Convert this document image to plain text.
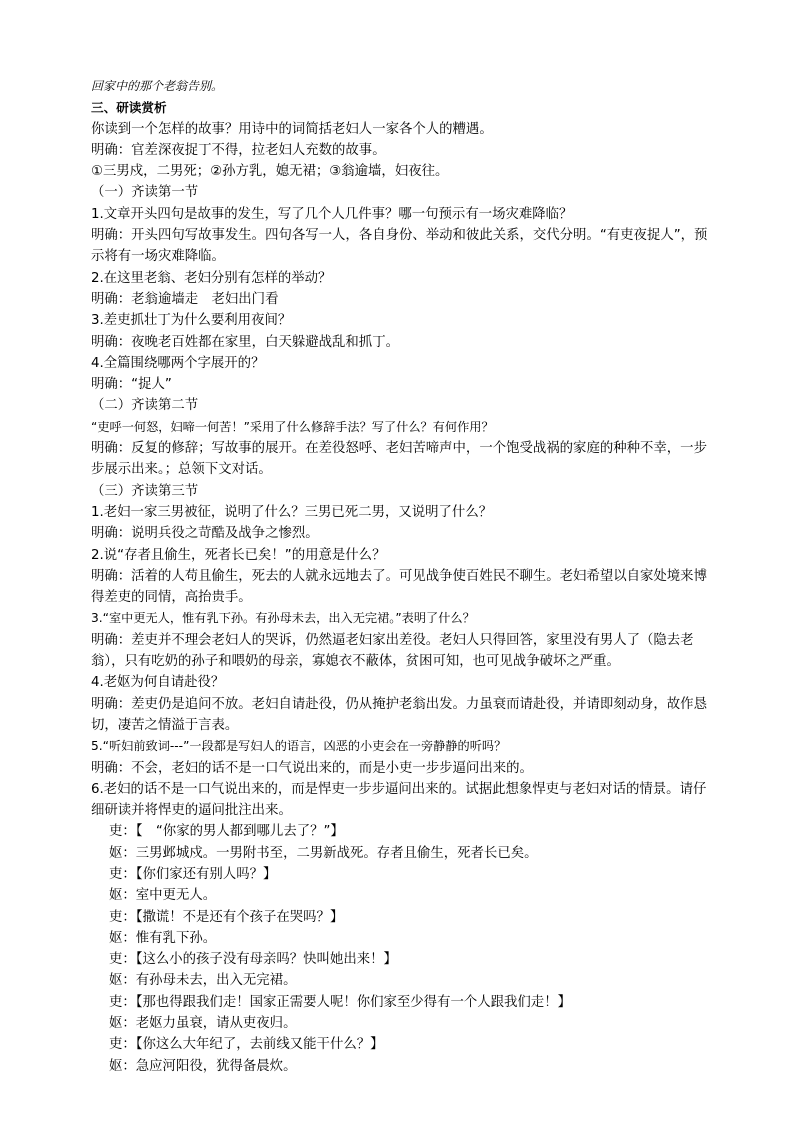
回家中的那个老翁告别。
三、研读赏析
你读到一个怎样的故事？用诗中的词简括老妇人一家各个人的糟遇。
明确：官差深夜捉丁不得，拉老妇人充数的故事。
①三男戍，二男死；②孙方乳，媳无裙；③翁逾墙，妇夜往。
（一）齐读第一节
1.文章开头四句是故事的发生，写了几个人几件事？哪一句预示有一场灾难降临？
明确：开头四句写故事发生。四句各写一人，各自身份、举动和彼此关系，交代分明。“有吏夜捉人”，预示将有一场灾难降临。
2.在这里老翁、老妇分别有怎样的举动？
明确：老翁逾墙走　老妇出门看
3.差吏抓壮丁为什么要利用夜间？
明确：夜晚老百姓都在家里，白天躲避战乱和抓丁。
4.全篇围绕哪两个字展开的？
明确：“捉人”
（二）齐读第二节
“吏呼一何怒，妇啼一何苦！”采用了什么修辞手法？写了什么？有何作用？
明确：反复的修辞；写故事的展开。在差役怒呼、老妇苦啼声中，一个饱受战祸的家庭的种种不幸，一步步展示出来。；总领下文对话。
（三）齐读第三节
1.老妇一家三男被征，说明了什么？三男已死二男，又说明了什么？
明确：说明兵役之苛酷及战争之惨烈。
2.说“存者且偷生，死者长已矣！”的用意是什么？
明确：活着的人苟且偷生，死去的人就永远地去了。可见战争使百姓民不聊生。老妇希望以自家处境来博得差吏的同情，高抬贵手。
3.“室中更无人，惟有乳下孙。有孙母未去，出入无完裙。”表明了什么？
明确：差吏并不理会老妇人的哭诉，仍然逼老妇家出差役。老妇人只得回答，家里没有男人了（隐去老翁），只有吃奶的孙子和喂奶的母亲，寡媳衣不蔽体，贫困可知，也可见战争破坏之严重。
4.老妪为何自请赴役？
明确：差吏仍是追问不放。老妇自请赴役，仍从掩护老翁出发。力虽衰而请赴役，并请即刻动身，故作恳切，凄苦之情溢于言表。
5.“听妇前致词---”一段都是写妇人的语言，凶恶的小吏会在一旁静静的听吗？
明确：不会，老妇的话不是一口气说出来的，而是小吏一步步逼问出来的。
6.老妇的话不是一口气说出来的，而是悍吏一步步逼问出来的。试据此想象悍吏与老妇对话的情景。请仔细研读并将悍吏的逼问批注出来。
吏：【　“你家的男人都到哪儿去了？”】
妪：三男邺城戍。一男附书至，二男新战死。存者且偷生，死者长已矣。
吏：【你们家还有别人吗？】
妪：室中更无人。
吏：【撒谎！不是还有个孩子在哭吗？】
妪：惟有乳下孙。
吏：【这么小的孩子没有母亲吗？快叫她出来！】
妪：有孙母未去，出入无完裙。
吏：【那也得跟我们走！国家正需要人呢！你们家至少得有一个人跟我们走！】
妪：老妪力虽衰，请从吏夜归。
吏：【你这么大年纪了，去前线又能干什么？】
妪：急应河阳役，犹得备晨炊。
